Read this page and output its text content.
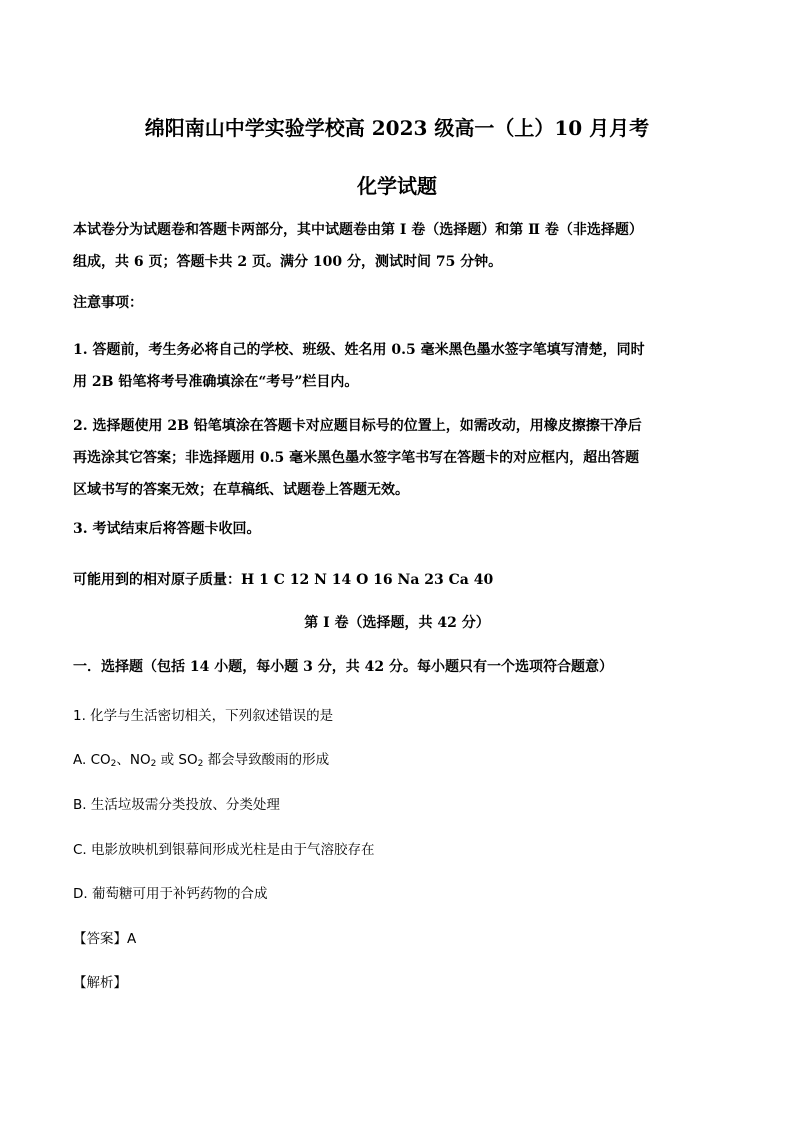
绵阳南山中学实验学校高 2023 级高一（上）10 月月考
化学试题
本试卷分为试题卷和答题卡两部分，其中试题卷由第 Ⅰ 卷（选择题）和第 Ⅱ 卷（非选择题）
组成，共 6 页；答题卡共 2 页。满分 100 分，测试时间 75 分钟。
注意事项：
1. 答题前，考生务必将自己的学校、班级、姓名用 0.5 毫米黑色墨水签字笔填写清楚，同时
用 2B 铅笔将考号准确填涂在“考号”栏目内。
2. 选择题使用 2B 铅笔填涂在答题卡对应题目标号的位置上，如需改动，用橡皮擦擦干净后
再选涂其它答案；非选择题用 0.5 毫米黑色墨水签字笔书写在答题卡的对应框内，超出答题
区域书写的答案无效；在草稿纸、试题卷上答题无效。
3. 考试结束后将答题卡收回。
可能用到的相对原子质量：H 1 C 12 N 14 O 16 Na 23 Ca 40
第 Ⅰ 卷（选择题，共 42 分）
一．选择题（包括 14 小题，每小题 3 分，共 42 分。每小题只有一个选项符合题意）
1. 化学与生活密切相关，下列叙述错误的是
A. $CO_2$、$NO_2$ 或 $SO_2$ 都会导致酸雨的形成
B. 生活垃圾需分类投放、分类处理
C. 电影放映机到银幕间形成光柱是由于气溶胶存在
D. 葡萄糖可用于补钙药物的合成
【答案】A
【解析】
